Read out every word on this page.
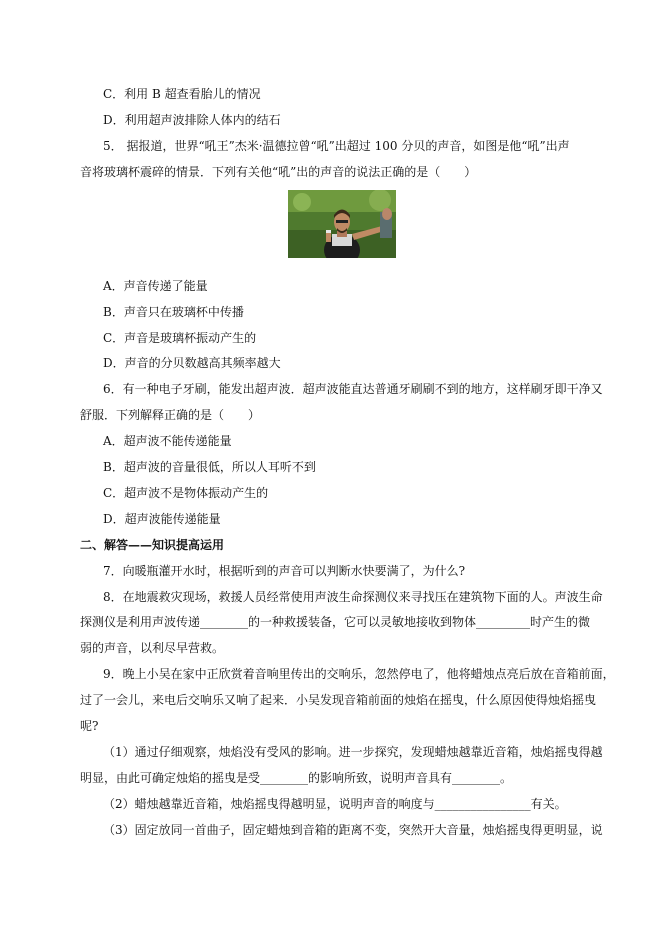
C．利用 B 超查看胎儿的情况

D．利用超声波排除人体内的结石

5． 据报道，世界“吼王”杰米·温德拉曾“吼”出超过 100 分贝的声音，如图是他“吼”出声

音将玻璃杯震碎的情景．下列有关他“吼”出的声音的说法正确的是（　　）

A．声音传递了能量

B．声音只在玻璃杯中传播

C．声音是玻璃杯振动产生的

D．声音的分贝数越高其频率越大

6．有一种电子牙刷，能发出超声波．超声波能直达普通牙刷刷不到的地方，这样刷牙即干净又

舒服．下列解释正确的是（　　）

A．超声波不能传递能量

B．超声波的音量很低，所以人耳听不到

C．超声波不是物体振动产生的

D．超声波能传递能量

二、解答——知识提高运用

7．向暖瓶灌开水时，根据听到的声音可以判断水快要满了，为什么?

8．在地震救灾现场，救援人员经常使用声波生命探测仪来寻找压在建筑物下面的人。声波生命

探测仪是利用声波传递________的一种救援装备，它可以灵敏地接收到物体_________时产生的微

弱的声音，以利尽早营救。

9．晚上小吴在家中正欣赏着音响里传出的交响乐，忽然停电了，他将蜡烛点亮后放在音箱前面，

过了一会儿，来电后交响乐又响了起来．小吴发现音箱前面的烛焰在摇曳，什么原因使得烛焰摇曳

呢?

（1）通过仔细观察，烛焰没有受风的影响。进一步探究，发现蜡烛越靠近音箱，烛焰摇曳得越

明显，由此可确定烛焰的摇曳是受________的影响所致，说明声音具有________。

（2）蜡烛越靠近音箱，烛焰摇曳得越明显，说明声音的响度与________________有关。

（3）固定放同一首曲子，固定蜡烛到音箱的距离不变，突然开大音量，烛焰摇曳得更明显，说
